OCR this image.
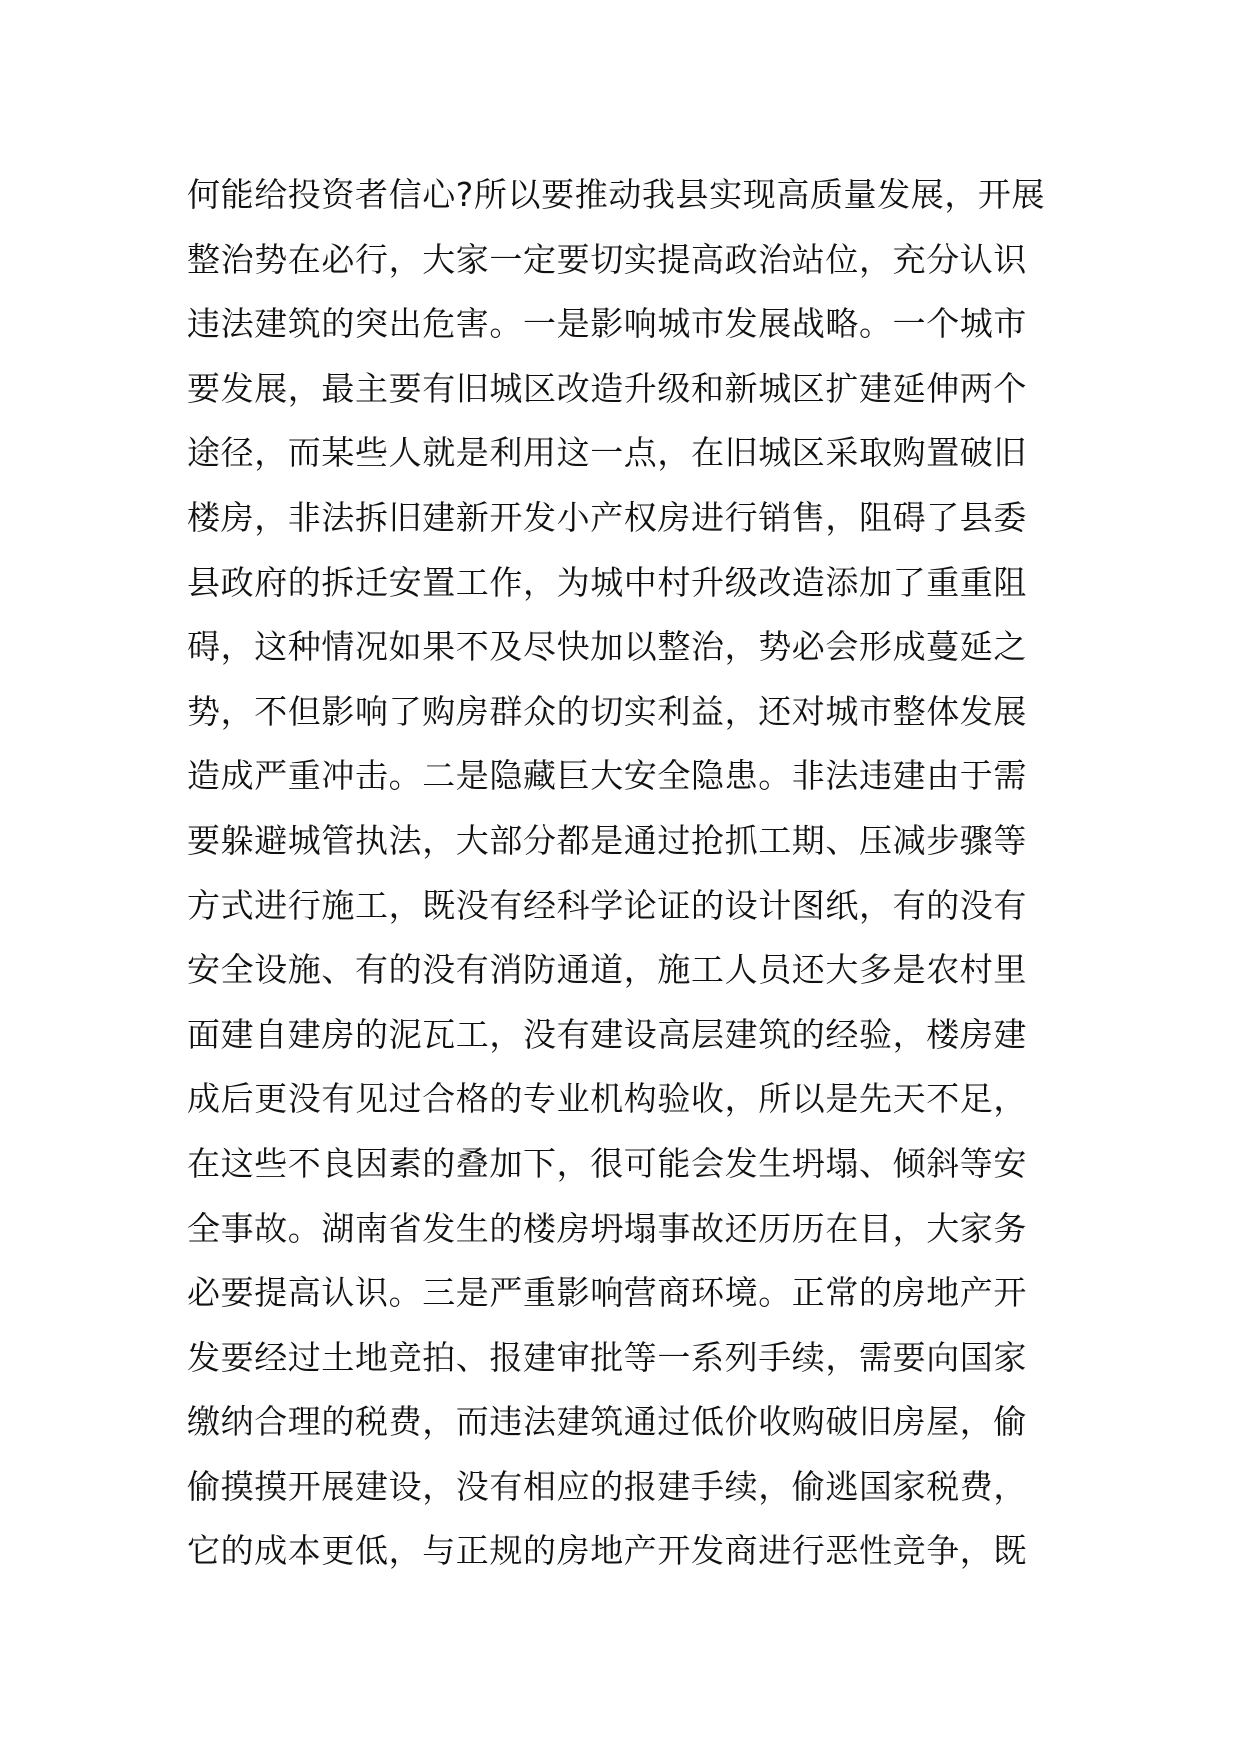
何能给投资者信心?所以要推动我县实现高质量发展，开展
整治势在必行，大家一定要切实提高政治站位，充分认识
违法建筑的突出危害。一是影响城市发展战略。一个城市
要发展，最主要有旧城区改造升级和新城区扩建延伸两个
途径，而某些人就是利用这一点，在旧城区采取购置破旧
楼房，非法拆旧建新开发小产权房进行销售，阻碍了县委
县政府的拆迁安置工作，为城中村升级改造添加了重重阻
碍，这种情况如果不及尽快加以整治，势必会形成蔓延之
势，不但影响了购房群众的切实利益，还对城市整体发展
造成严重冲击。二是隐藏巨大安全隐患。非法违建由于需
要躲避城管执法，大部分都是通过抢抓工期、压减步骤等
方式进行施工，既没有经科学论证的设计图纸，有的没有
安全设施、有的没有消防通道，施工人员还大多是农村里
面建自建房的泥瓦工，没有建设高层建筑的经验，楼房建
成后更没有见过合格的专业机构验收，所以是先天不足，
在这些不良因素的叠加下，很可能会发生坍塌、倾斜等安
全事故。湖南省发生的楼房坍塌事故还历历在目，大家务
必要提高认识。三是严重影响营商环境。正常的房地产开
发要经过土地竞拍、报建审批等一系列手续，需要向国家
缴纳合理的税费，而违法建筑通过低价收购破旧房屋，偷
偷摸摸开展建设，没有相应的报建手续，偷逃国家税费，
它的成本更低，与正规的房地产开发商进行恶性竞争，既
